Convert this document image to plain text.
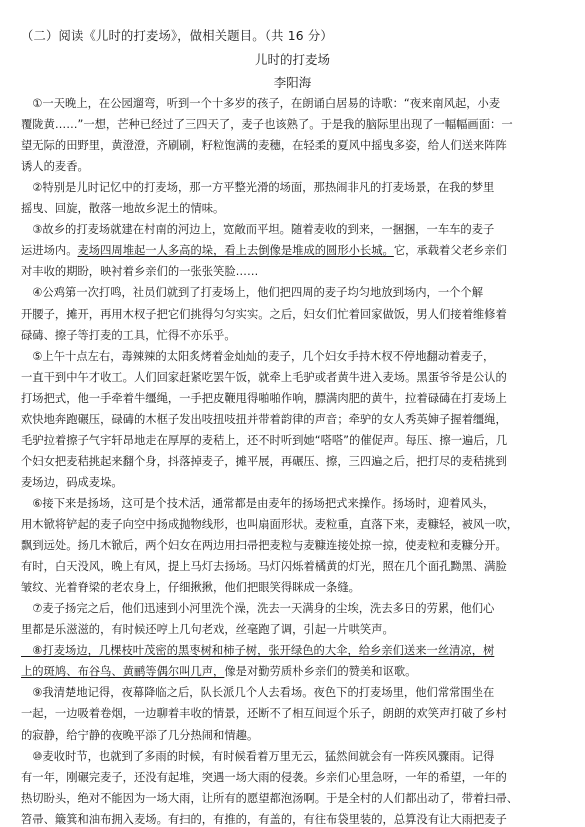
（二）阅读《儿时的打麦场》，做相关题目。（共 16 分）
儿时的打麦场
李阳海
　①一天晚上，在公园遛弯，听到一个十多岁的孩子，在朗诵白居易的诗歌：“夜来南风起，小麦
覆陇黄……”一想，芒种已经过了三四天了，麦子也该熟了。于是我的脑际里出现了一幅幅画面：一
望无际的田野里，黄澄澄，齐刷刷，籽粒饱满的麦穗，在轻柔的夏风中摇曳多姿，给人们送来阵阵
诱人的麦香。
　②特别是儿时记忆中的打麦场，那一方平整光滑的场面，那热闹非凡的打麦场景，在我的梦里
摇曳、回旋，散落一地故乡泥土的情味。
　③故乡的打麦场就建在村南的河边上，宽敞而平坦。随着麦收的到来，一捆捆，一车车的麦子
运进场内。麦场四周堆起一人多高的垛，看上去倒像是堆成的圆形小长城。它，承载着父老乡亲们
对丰收的期盼，映衬着乡亲们的一张张笑脸……
　④公鸡第一次打鸣，社员们就到了打麦场上，他们把四周的麦子均匀地放到场内，一个个解
开腰子，摊开，再用木杈子把它们挑得匀匀实实。之后，妇女们忙着回家做饭，男人们接着维修着
碌碡、擦子等打麦的工具，忙得不亦乐乎。
　⑤上午十点左右，毒辣辣的太阳炙烤着金灿灿的麦子，几个妇女手持木杈不停地翻动着麦子，
一直干到中午才收工。人们回家赶紧吃罢午饭，就牵上毛驴或者黄牛进入麦场。黑蛋爷爷是公认的
打场把式，他一手牵着牛缰绳，一手把皮鞭甩得啪啪作响，膘满肉肥的黄牛，拉着碌碡在打麦场上
欢快地奔跑碾压，碌碡的木框子发出吱扭吱扭并带着韵律的声音；牵驴的女人秀英婶子握着缰绳，
毛驴拉着擦子气宇轩昂地走在厚厚的麦秸上，还不时听到她“嗒嗒”的催促声。每压、擦一遍后，几
个妇女把麦秸挑起来翻个身，抖落掉麦子，摊平展，再碾压、擦，三四遍之后，把打尽的麦秸挑到
麦场边，码成麦垛。
　⑥接下来是扬场，这可是个技术活，通常都是由麦年的扬场把式来操作。扬场时，迎着风头，
用木锨将铲起的麦子向空中扬成抛物线形，也叫扇面形状。麦粒重，直落下来，麦糠轻，被风一吹，
飘到远处。扬几木锨后，两个妇女在两边用扫帚把麦粒与麦糠连接处掠一掠，使麦粒和麦糠分开。
有时，白天没风，晚上有风，提上马灯去扬场。马灯闪烁着橘黄的灯光，照在几个面孔黝黑、满脸
皱纹、光着脊梁的老农身上，仔细揪揪，他们把眼笑得眯成一条缝。
　⑦麦子扬完之后，他们迅速到小河里洗个澡，洗去一天满身的尘埃，洗去多日的劳累，他们心
里都是乐滋滋的，有时候还哼上几句老戏，丝毫跑了调，引起一片哄笑声。
　⑧打麦场边，几棵枝叶茂密的黑枣树和柿子树，张开绿色的大伞，给乡亲们送来一丝清凉，树
上的斑鸠、布谷鸟、黄鹂等偶尔叫几声，像是对勤劳质朴乡亲们的赞美和讴歌。
　⑨我清楚地记得，夜幕降临之后，队长派几个人去看场。夜色下的打麦场里，他们常常围坐在
一起，一边吸着卷烟，一边聊着丰收的情景，还断不了相互间逗个乐子，朗朗的欢笑声打破了乡村
的寂静，给宁静的夜晚平添了几分热闹和情趣。
　⑩麦收时节，也就到了多雨的时候，有时候看着万里无云，猛然间就会有一阵疾风骤雨。记得
有一年，刚碾完麦子，还没有起堆，突遇一场大雨的侵袭。乡亲们心里急呀，一年的希望，一年的
热切盼头，绝对不能因为一场大雨，让所有的愿望都泡汤啊。于是全村的人们都出动了，带着扫帚、
笤帚、簸箕和油布拥入麦场。有扫的，有推的，有盖的，有往布袋里装的，总算没有让大雨把麦子
